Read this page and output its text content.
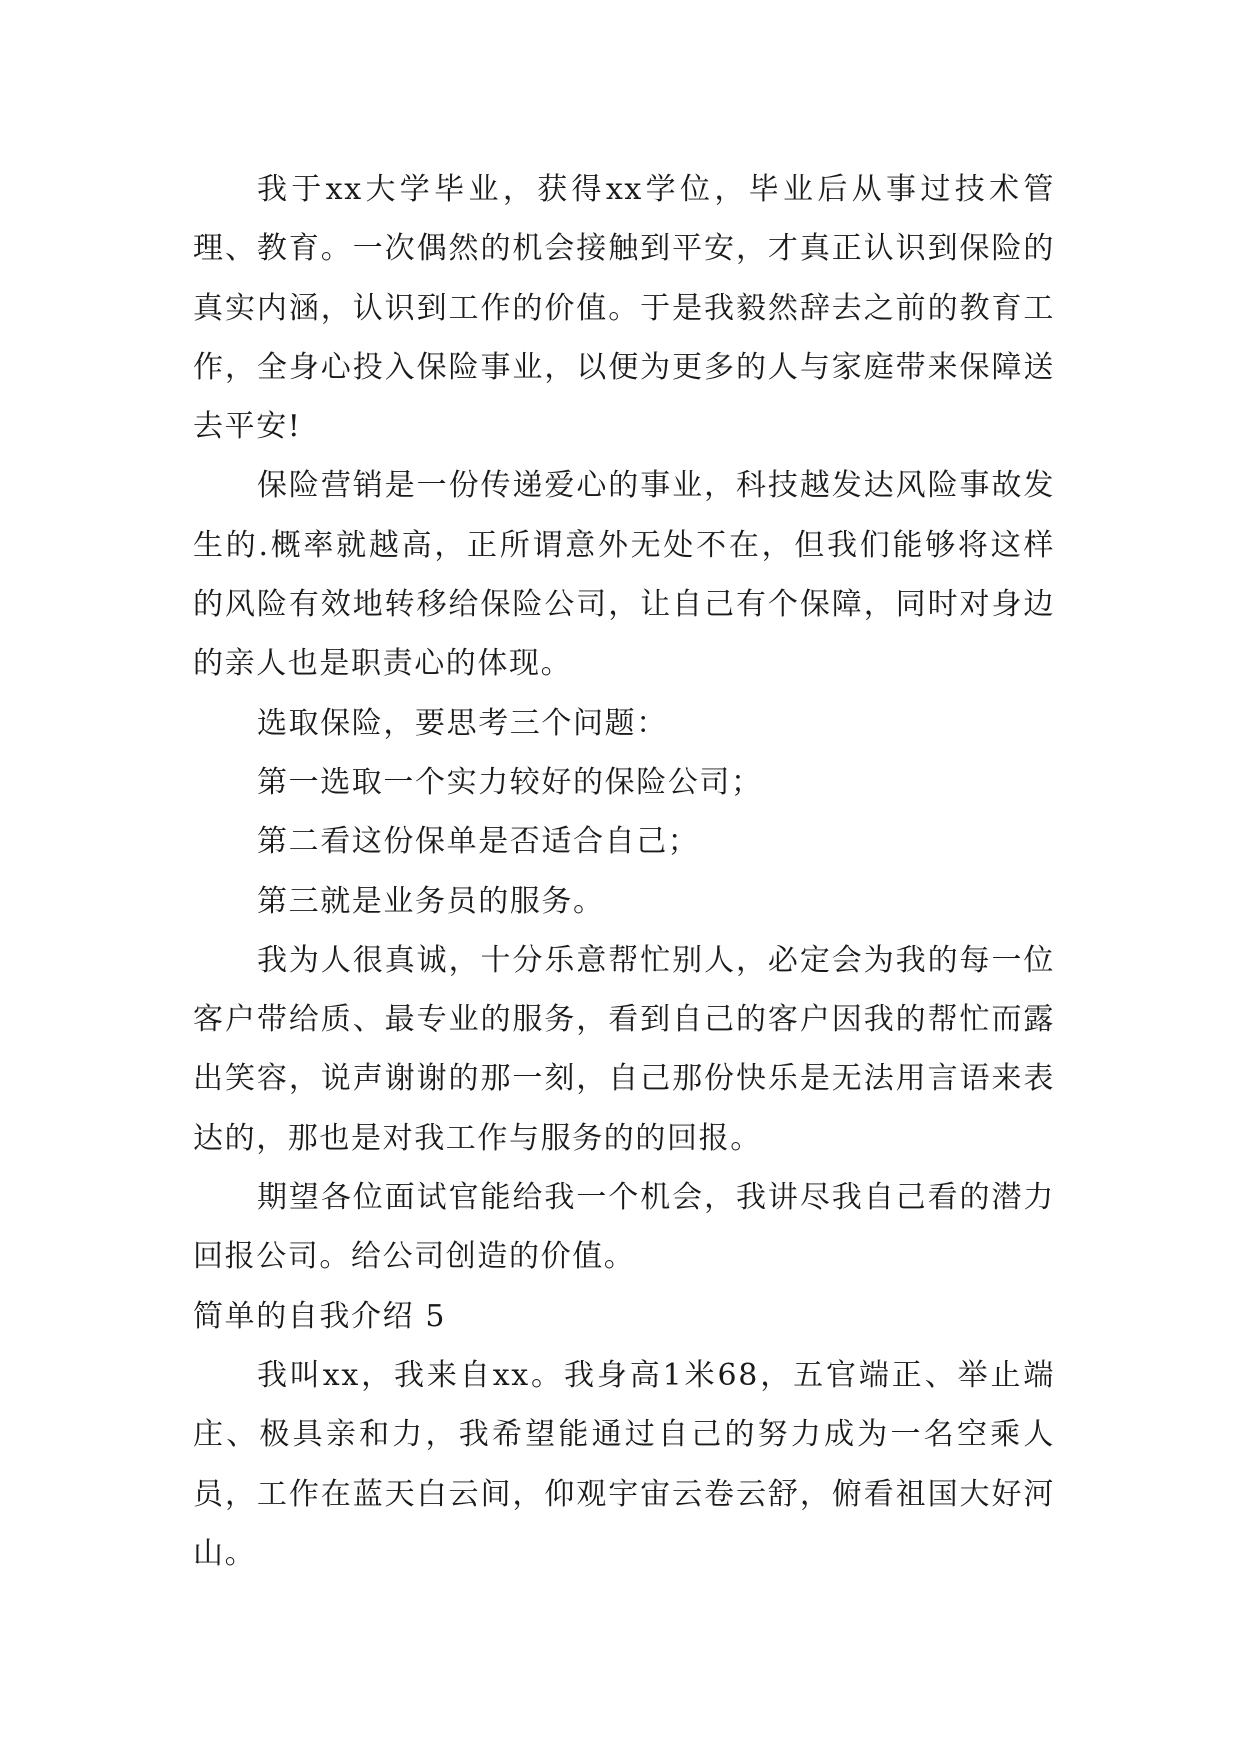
我于xx大学毕业，获得xx学位，毕业后从事过技术管理、教育。一次偶然的机会接触到平安，才真正认识到保险的真实内涵，认识到工作的价值。于是我毅然辞去之前的教育工作，全身心投入保险事业，以便为更多的人与家庭带来保障送去平安!

保险营销是一份传递爱心的事业，科技越发达风险事故发生的.概率就越高，正所谓意外无处不在，但我们能够将这样的风险有效地转移给保险公司，让自己有个保障，同时对身边的亲人也是职责心的体现。

选取保险，要思考三个问题：

第一选取一个实力较好的保险公司；

第二看这份保单是否适合自己；

第三就是业务员的服务。

我为人很真诚，十分乐意帮忙别人，必定会为我的每一位客户带给质、最专业的服务，看到自己的客户因我的帮忙而露出笑容，说声谢谢的那一刻，自己那份快乐是无法用言语来表达的，那也是对我工作与服务的的回报。

期望各位面试官能给我一个机会，我讲尽我自己看的潜力回报公司。给公司创造的价值。

简单的自我介绍 5

我叫xx，我来自xx。我身高1米68，五官端正、举止端庄、极具亲和力，我希望能通过自己的努力成为一名空乘人员，工作在蓝天白云间，仰观宇宙云卷云舒，俯看祖国大好河山。
